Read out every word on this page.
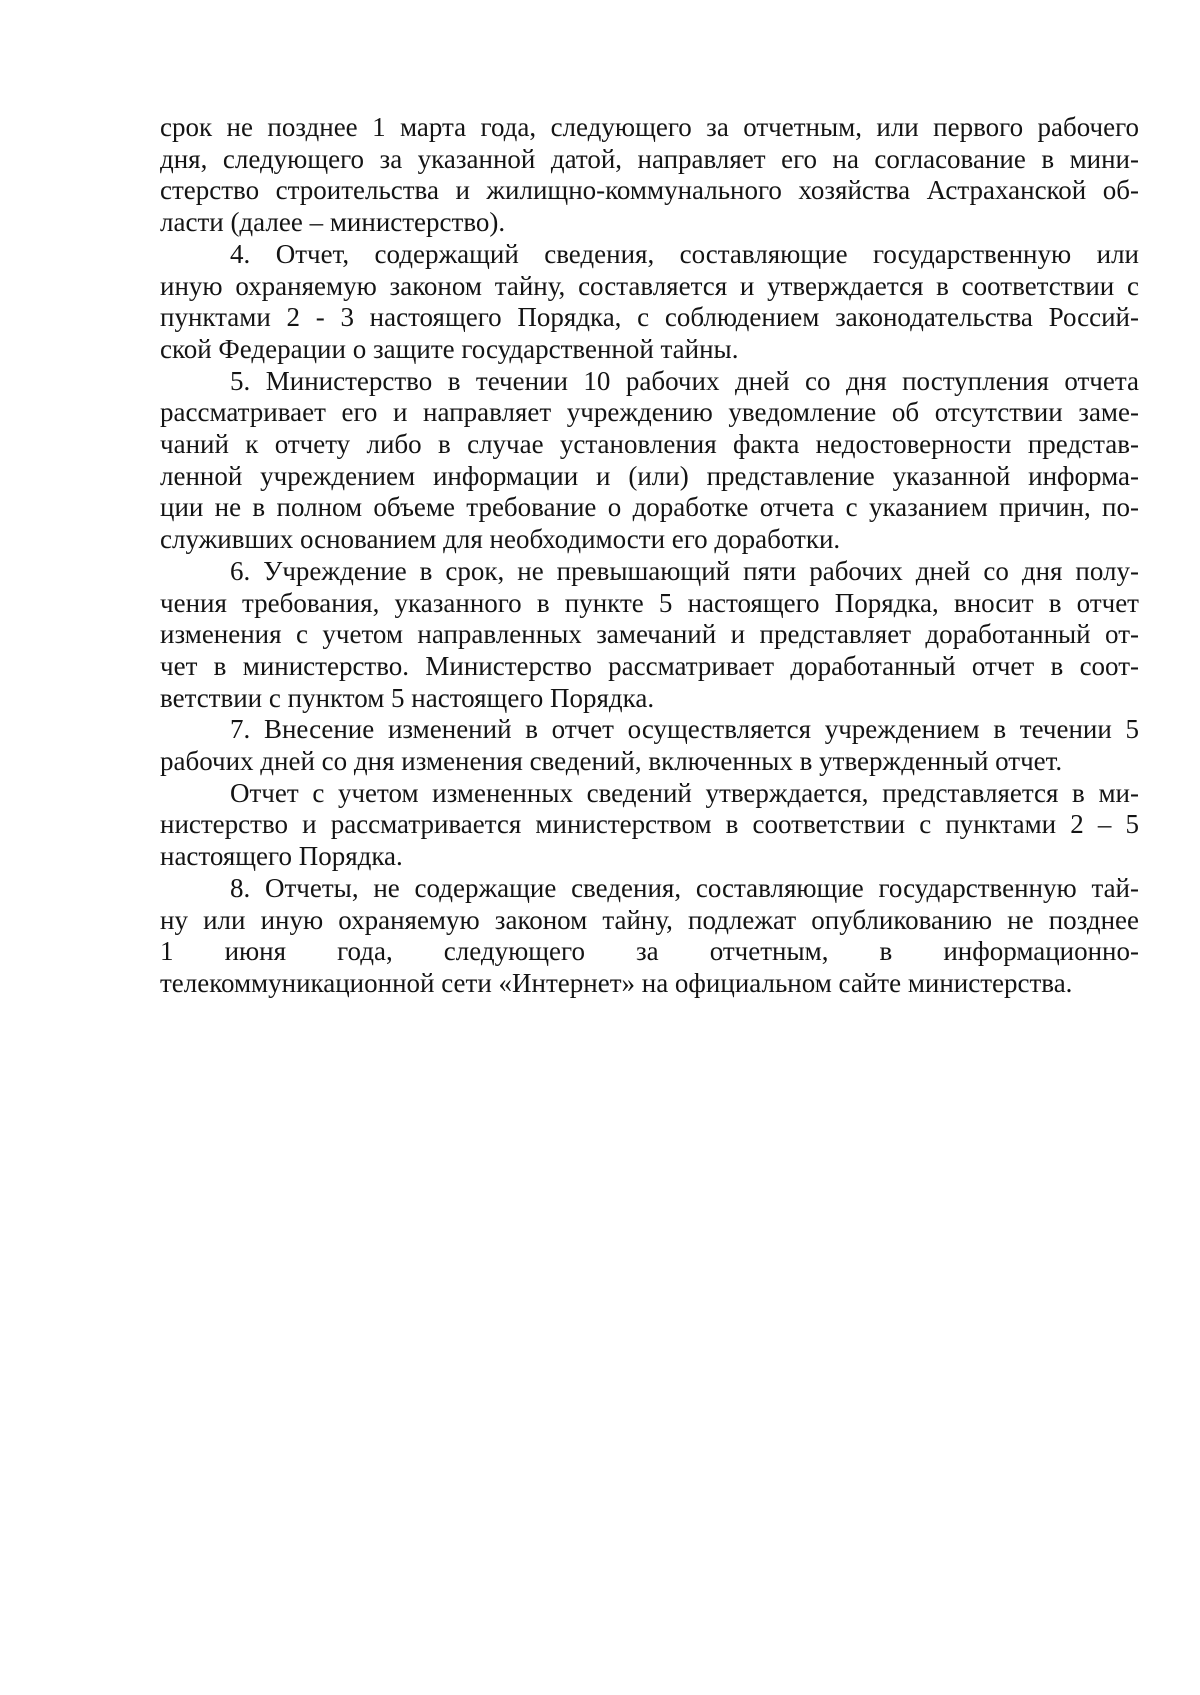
срок не позднее 1 марта года, следующего за отчетным, или первого рабочего
дня, следующего за указанной датой, направляет его на согласование в мини-
стерство строительства и жилищно-коммунального хозяйства Астраханской об-
ласти (далее – министерство).
4. Отчет, содержащий сведения, составляющие государственную или
иную охраняемую законом тайну, составляется и утверждается в соответствии с
пунктами 2 - 3 настоящего Порядка, с соблюдением законодательства Россий-
ской Федерации о защите государственной тайны.
5. Министерство в течении 10 рабочих дней со дня поступления отчета
рассматривает его и направляет учреждению уведомление об отсутствии заме-
чаний к отчету либо в случае установления факта недостоверности представ-
ленной учреждением информации и (или) представление указанной информа-
ции не в полном объеме требование о доработке отчета с указанием причин, по-
служивших основанием для необходимости его доработки.
6. Учреждение в срок, не превышающий пяти рабочих дней со дня полу-
чения требования, указанного в пункте 5 настоящего Порядка, вносит в отчет
изменения с учетом направленных замечаний и представляет доработанный от-
чет в министерство. Министерство рассматривает доработанный отчет в соот-
ветствии с пунктом 5 настоящего Порядка.
7. Внесение изменений в отчет осуществляется учреждением в течении 5
рабочих дней со дня изменения сведений, включенных в утвержденный отчет.
Отчет с учетом измененных сведений утверждается, представляется в ми-
нистерство и рассматривается министерством в соответствии с пунктами 2 – 5
настоящего Порядка.
8. Отчеты, не содержащие сведения, составляющие государственную тай-
ну или иную охраняемую законом тайну, подлежат опубликованию не позднее
1 июня года, следующего за отчетным, в информационно-
телекоммуникационной сети «Интернет» на официальном сайте министерства.
